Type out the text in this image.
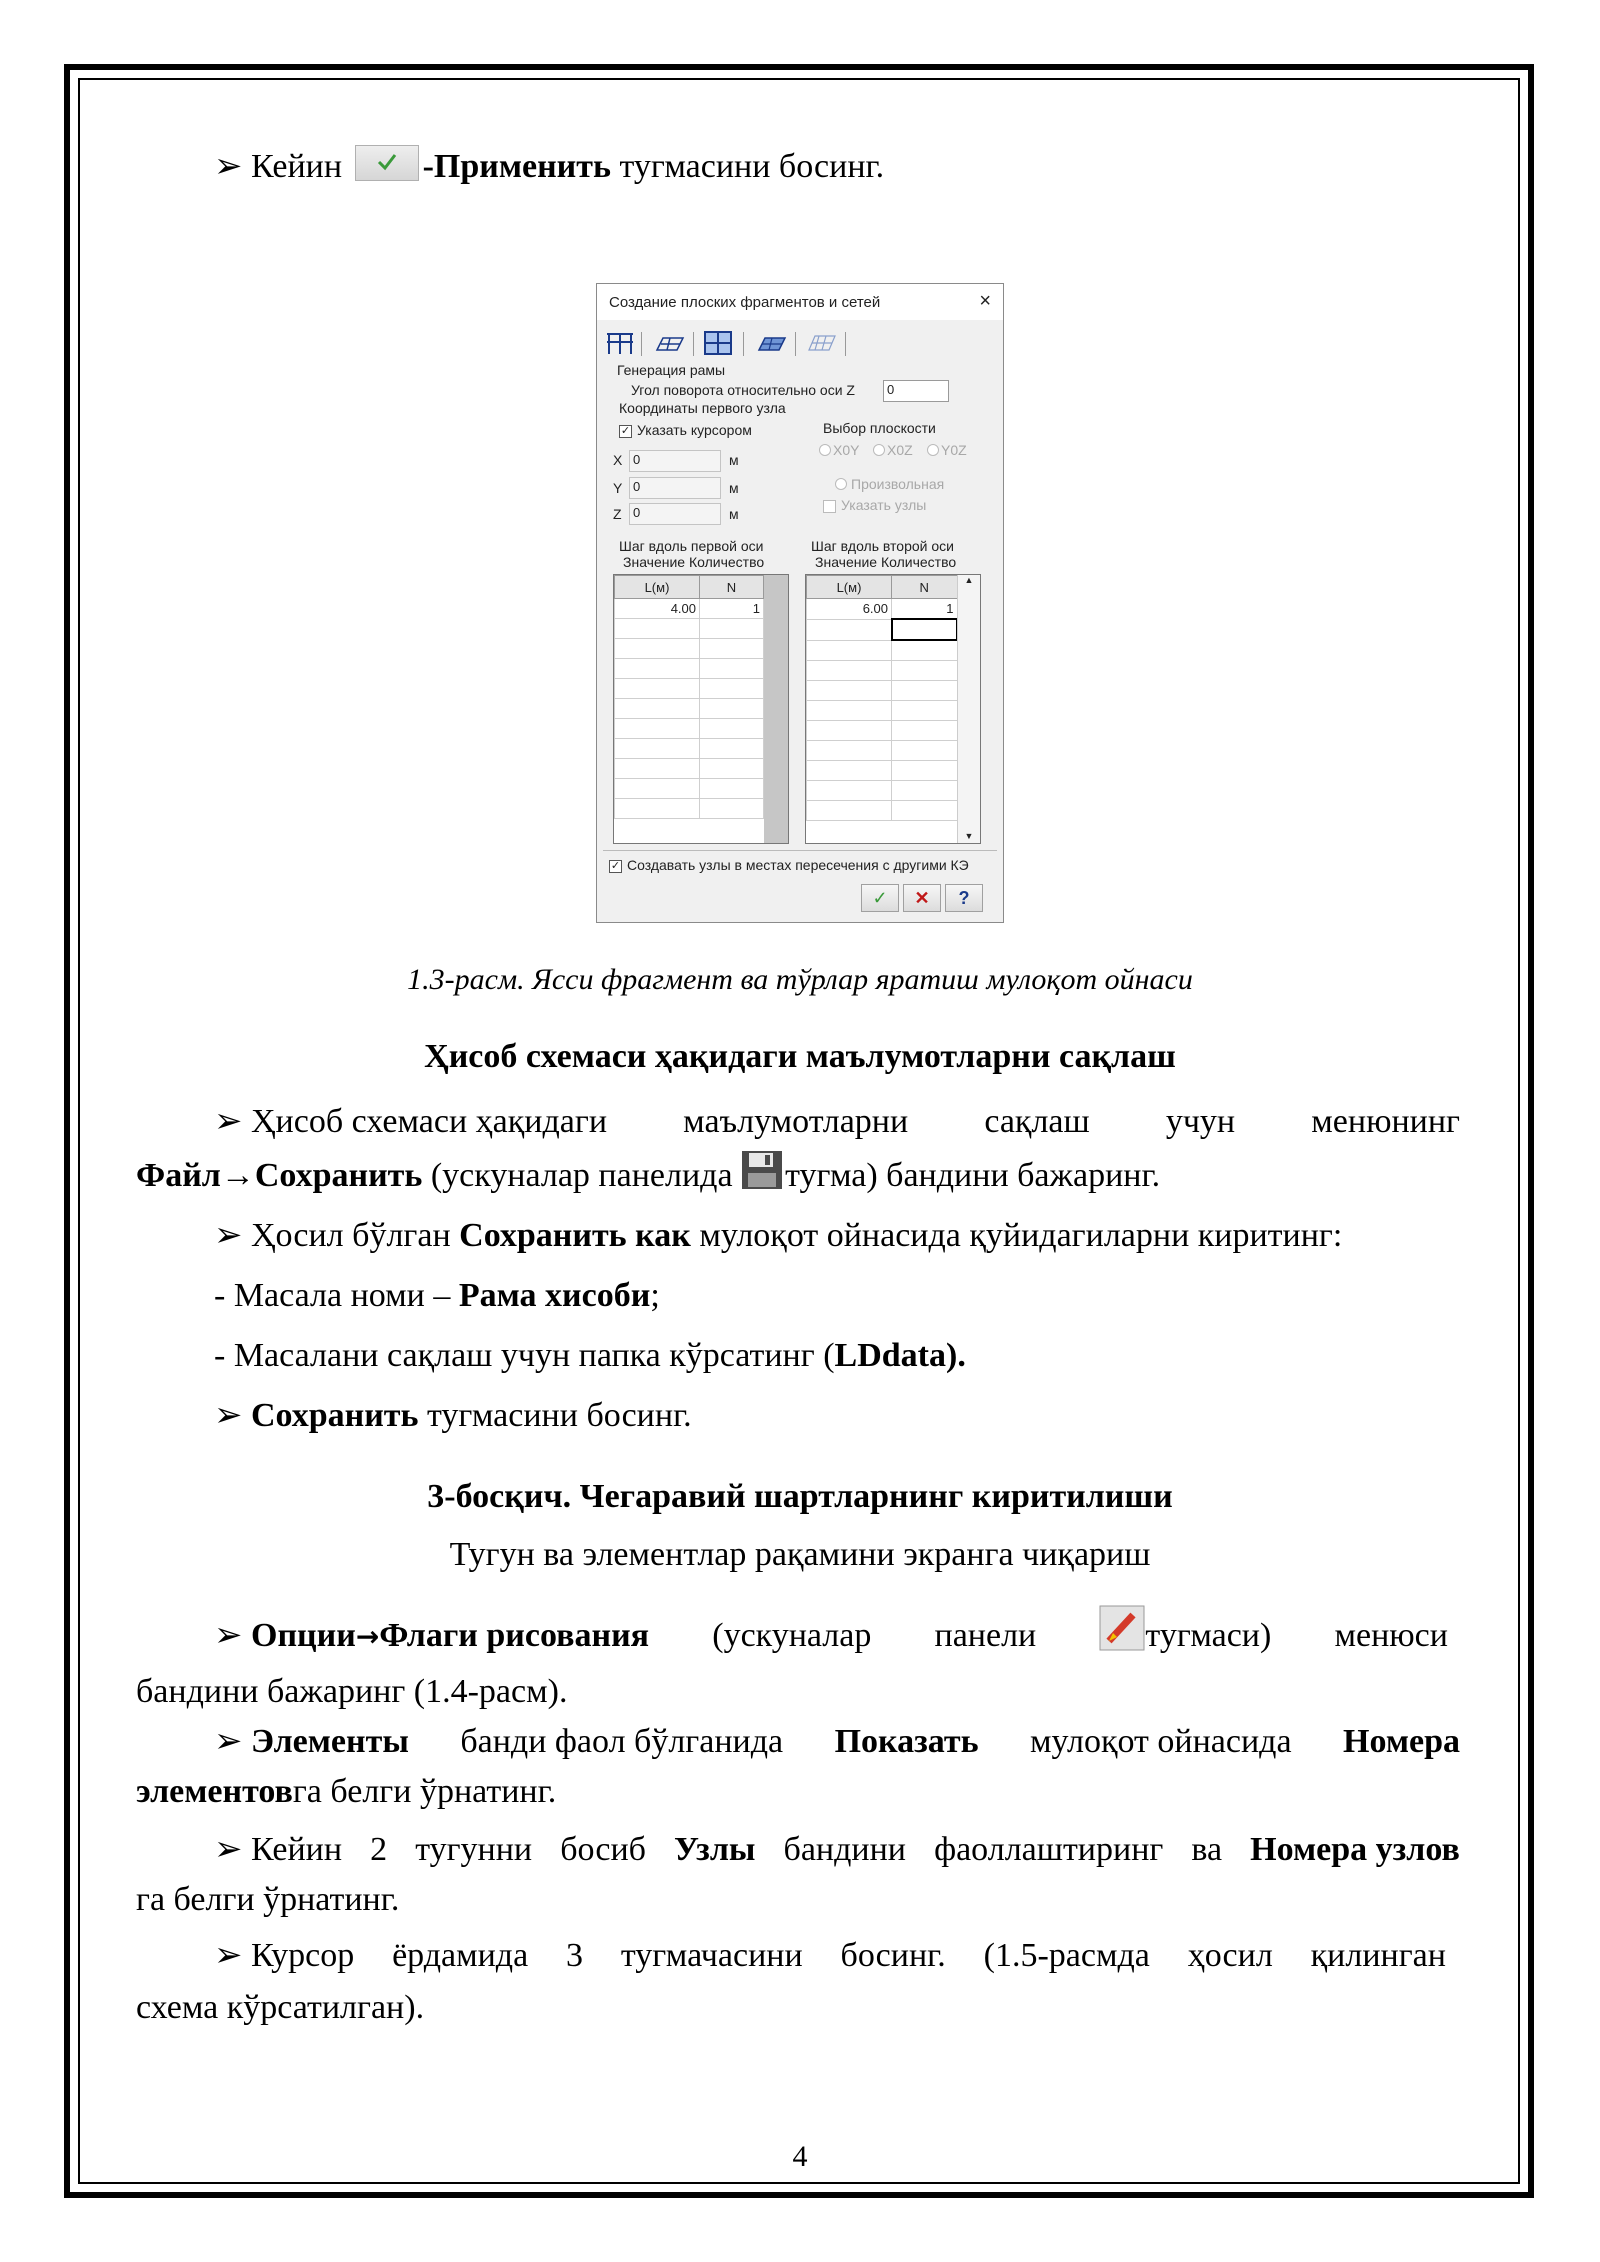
➢ Кейин -Применить тугмасини босинг.
Создание плоских фрагментов и сетей	×
Генерация рамы
Угол поворота относительно оси Z	0
Координаты первого узла
✓ Указать курсором
X 0	м
Y 0	м
Z 0	м
Выбор плоскости
X0Y X0Z Y0Z
Произвольная
Указать узлы
Шаг вдоль первой оси
Значение Количество
Шаг вдоль второй оси
Значение Количество
L(м)	N
4.00	1

L(м)	N
6.00	1

▲
▼
✓ Создавать узлы в местах пересечения с другими КЭ
✓	✕	?
1.3-расм. Ясси фрагмент ва тўрлар яратиш мулоқот ойнаси
Ҳисоб схемаси ҳақидаги маълумотларни сақлаш
➢ Ҳисоб схемаси ҳақидаги маълумотларни сақлаш учун менюнинг
Файл→Сохранить (ускуналар панелида тугма) бандини бажаринг.
➢ Ҳосил бўлган Сохранить как мулоқот ойнасида қуйидагиларни киритинг:
- Масала номи – Рама хисоби;
- Масалани сақлаш учун папка кўрсатинг (LDdata).
➢ Сохранить тугмасини босинг.
3-босқич. Чегаравий шартларнинг киритилиши
Тугун ва элементлар рақамини экранга чиқариш
➢ Опции→Флаги рисования (ускуналар панели	тугмаси) менюси
бандини бажаринг (1.4-расм).
➢ Элементы банди фаол бўлганида Показать мулоқот ойнасида Номера
элементовга белги ўрнатинг.
➢ Кейин 2 тугунни босиб Узлы бандини фаоллаштиринг ва Номера узлов
га белги ўрнатинг.
➢ Курсор ёрдамида 3 тугмачасини босинг. (1.5-расмда ҳосил қилинган
схема кўрсатилган).
4
